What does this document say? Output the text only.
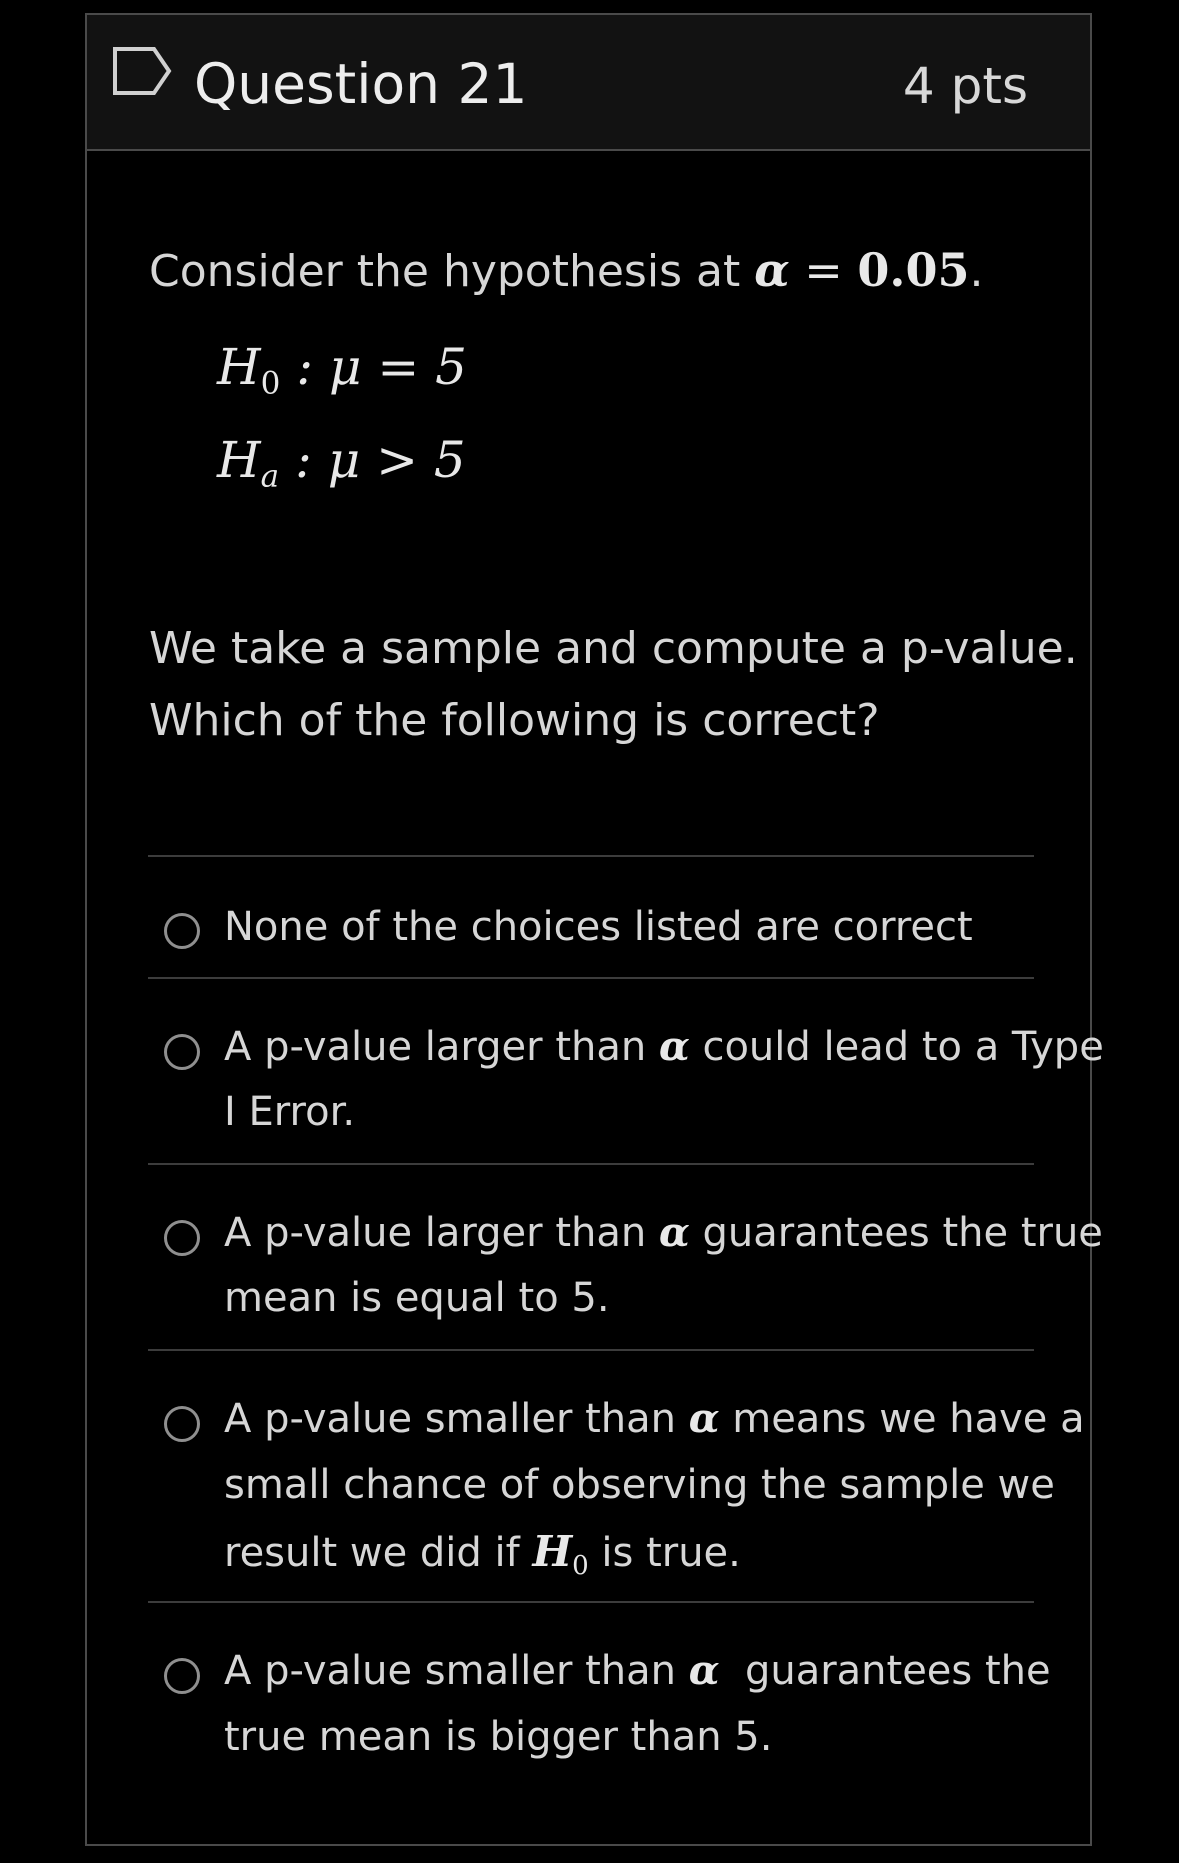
Question 21	4 pts
Consider the hypothesis at α = 0.05.
$H_0$ : μ = 5
$H_a$ : μ > 5
We take a sample and compute a p-value.
Which of the following is correct?
None of the choices listed are correct
A p-value larger than α could lead to a Type
I Error.
A p-value larger than α guarantees the true
mean is equal to 5.
A p-value smaller than α means we have a
small chance of observing the sample we
result we did if $H_0$ is true.
A p-value smaller than α  guarantees the
true mean is bigger than 5.
